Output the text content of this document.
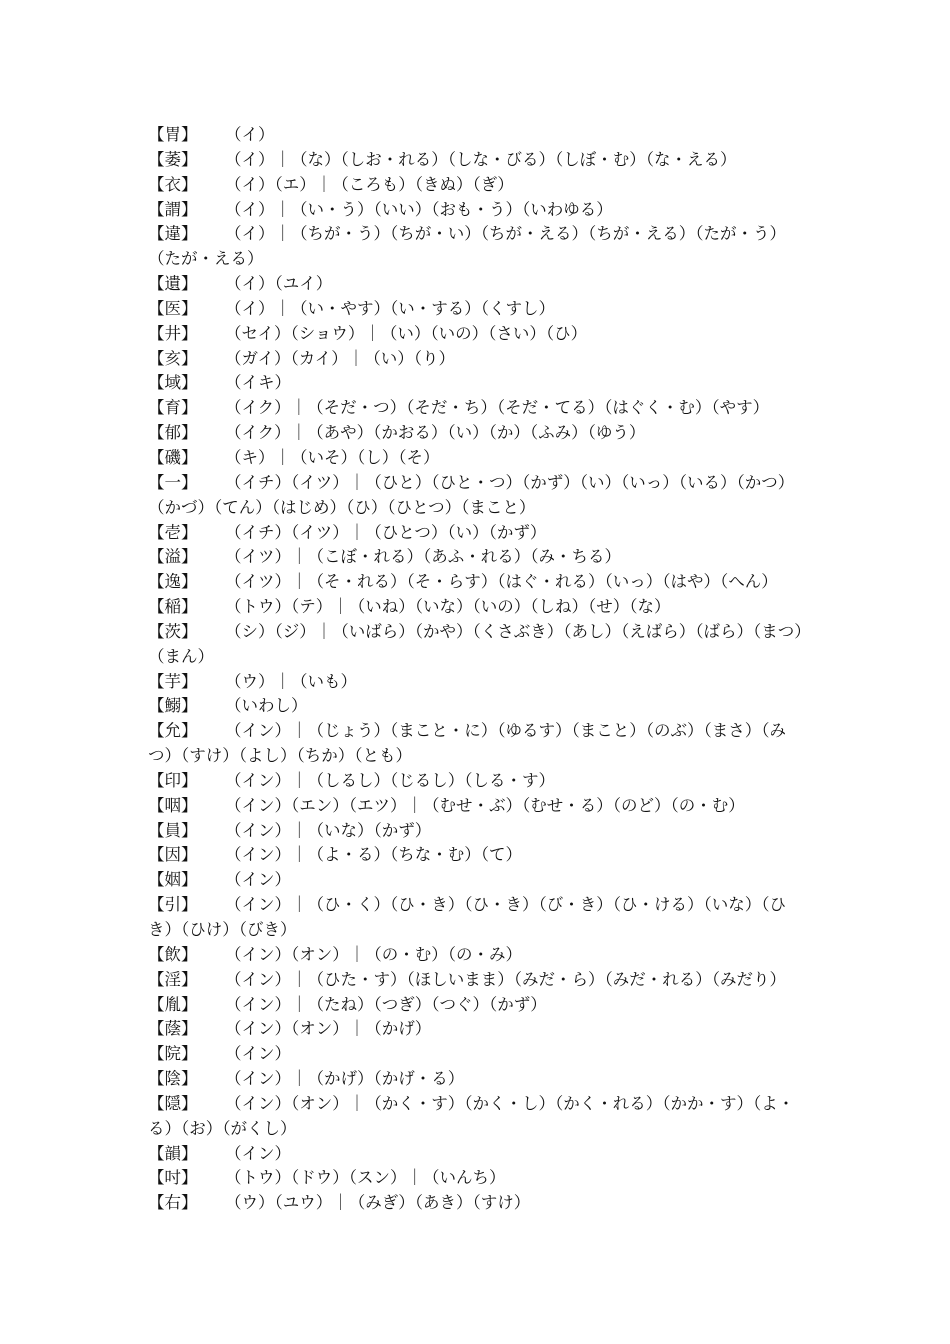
【胃】 （イ）

【萎】 （イ）｜（な）（しお・れる）（しな・びる）（しぼ・む）（な・える）

【衣】 （イ）（エ）｜（ころも）（きぬ）（ぎ）

【謂】 （イ）｜（い・う）（いい）（おも・う）（いわゆる）

【違】 （イ）｜（ちが・う）（ちが・い）（ちが・える）（ちが・える）（たが・う）（たが・える）

【遺】 （イ）（ユイ）

【医】 （イ）｜（い・やす）（い・する）（くすし）

【井】 （セイ）（ショウ）｜（い）（いの）（さい）（ひ）

【亥】 （ガイ）（カイ）｜（い）（り）

【域】 （イキ）

【育】 （イク）｜（そだ・つ）（そだ・ち）（そだ・てる）（はぐく・む）（やす）

【郁】 （イク）｜（あや）（かおる）（い）（か）（ふみ）（ゆう）

【磯】 （キ）｜（いそ）（し）（そ）

【一】 （イチ）（イツ）｜（ひと）（ひと・つ）（かず）（い）（いっ）（いる）（かつ）（かづ）（てん）（はじめ）（ひ）（ひとつ）（まこと）

【壱】 （イチ）（イツ）｜（ひとつ）（い）（かず）

【溢】 （イツ）｜（こぼ・れる）（あふ・れる）（み・ちる）

【逸】 （イツ）｜（そ・れる）（そ・らす）（はぐ・れる）（いっ）（はや）（へん）

【稲】 （トウ）（テ）｜（いね）（いな）（いの）（しね）（せ）（な）

【茨】 （シ）（ジ）｜（いばら）（かや）（くさぶき）（あし）（えばら）（ばら）（まつ）（まん）

【芋】 （ウ）｜（いも）

【鰯】 （いわし）

【允】 （イン）｜（じょう）（まこと・に）（ゆるす）（まこと）（のぶ）（まさ）（みつ）（すけ）（よし）（ちか）（とも）

【印】 （イン）｜（しるし）（じるし）（しる・す）

【咽】 （イン）（エン）（エツ）｜（むせ・ぶ）（むせ・る）（のど）（の・む）

【員】 （イン）｜（いな）（かず）

【因】 （イン）｜（よ・る）（ちな・む）（て）

【姻】 （イン）

【引】 （イン）｜（ひ・く）（ひ・き）（ひ・き）（び・き）（ひ・ける）（いな）（ひき）（ひけ）（びき）

【飲】 （イン）（オン）｜（の・む）（の・み）

【淫】 （イン）｜（ひた・す）（ほしいまま）（みだ・ら）（みだ・れる）（みだり）

【胤】 （イン）｜（たね）（つぎ）（つぐ）（かず）

【蔭】 （イン）（オン）｜（かげ）

【院】 （イン）

【陰】 （イン）｜（かげ）（かげ・る）

【隠】 （イン）（オン）｜（かく・す）（かく・し）（かく・れる）（かか・す）（よ・る）（お）（がくし）

【韻】 （イン）

【吋】 （トウ）（ドウ）（スン）｜（いんち）

【右】 （ウ）（ユウ）｜（みぎ）（あき）（すけ）
